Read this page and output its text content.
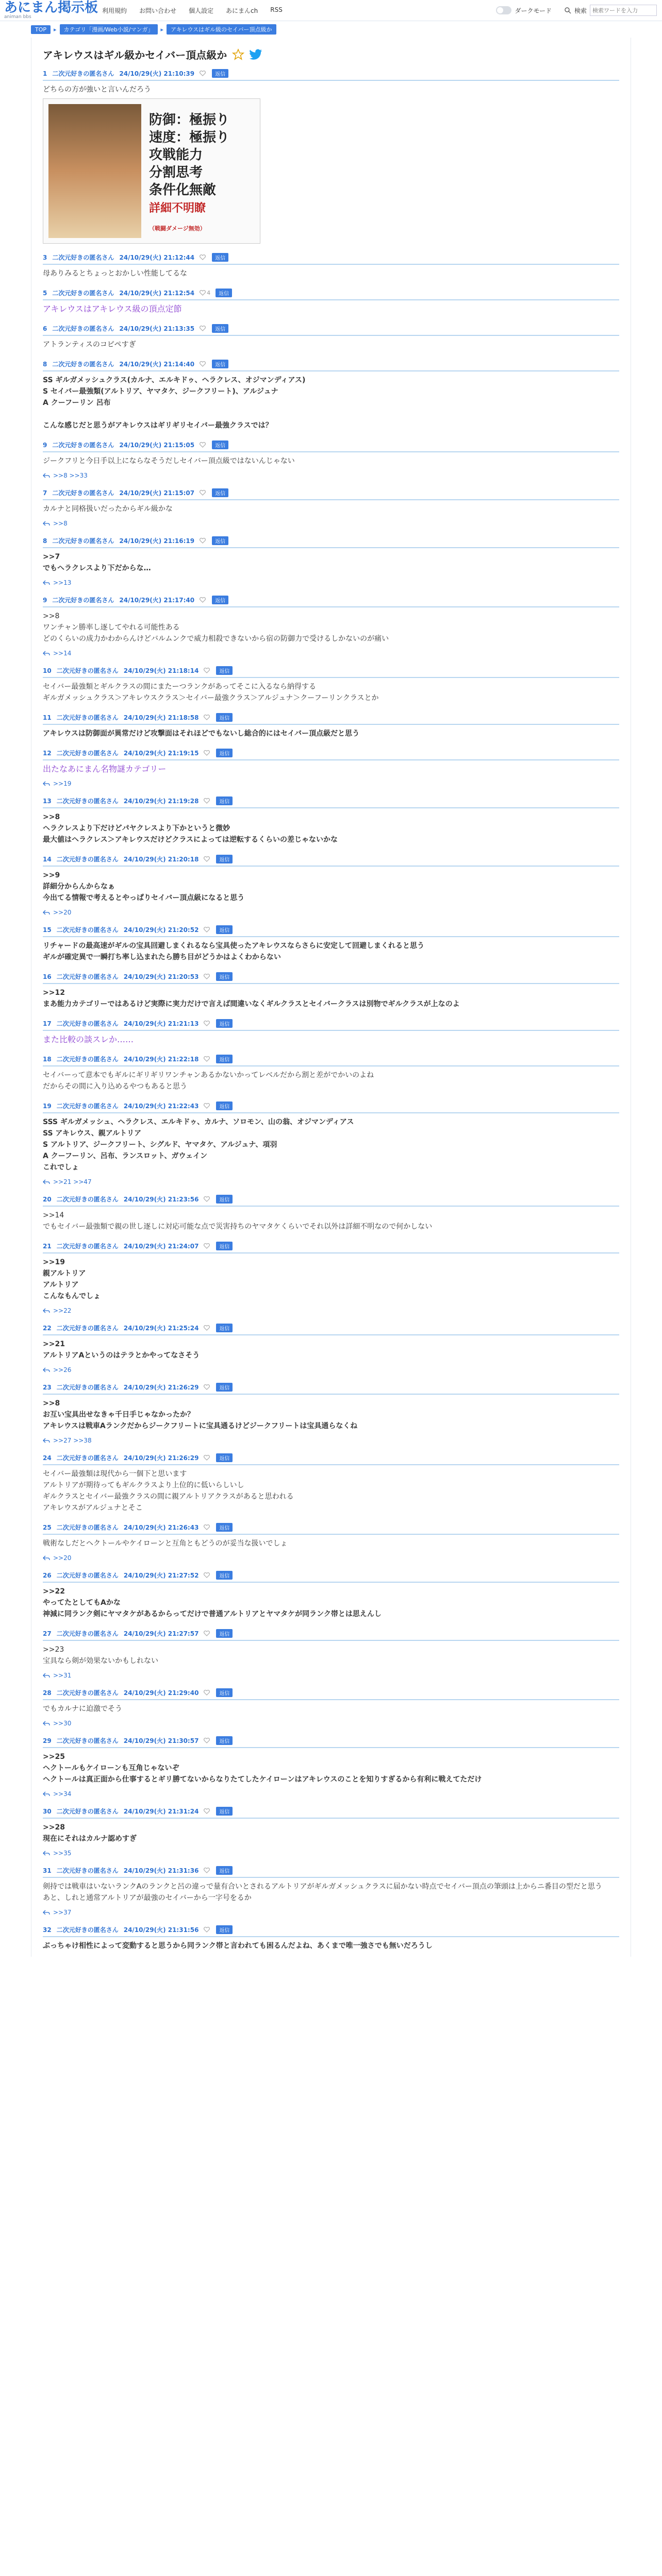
あにまん掲示板
animan bbs
利用規約 お問い合わせ 個人設定 あにまんch RSS	ダークモード	検索
検索ワードを入力
TOP	▸	カテゴリ「漫画/Web小説/マンガ」	▸	アキレウスはギル級のセイバー頂点級か
アキレウスはギル級かセイバー頂点級か
1 二次元好きの匿名さん 24/10/29(火) 21:10:39	返信
どちらの方が強いと言いんだろう
防御：極振り
速度：極振り
攻戦能力
分割思考
条件化無敵
詳細不明瞭
（戦闘ダメージ無効）
3 二次元好きの匿名さん 24/10/29(火) 21:12:44	返信
母ありみるとちょっとおかしい性能してるな
5 二次元好きの匿名さん 24/10/29(火) 21:12:54 4	返信
アキレウスはアキレウス級の頂点定節
6 二次元好きの匿名さん 24/10/29(火) 21:13:35	返信
アトランティスのコピペすぎ
8 二次元好きの匿名さん 24/10/29(火) 21:14:40	返信
SS ギルガメッシュクラス(カルナ、エルキドゥ、ヘラクレス、オジマンディアス)
S セイバー最強類(アルトリア、ヤマタケ、ジークフリート)、アルジュナ
A クーフーリン 呂布

こんな感じだと思うがアキレウスはギリギリセイバー最強クラスでは？
9 二次元好きの匿名さん 24/10/29(火) 21:15:05	返信
ジークフリと今日手以上にならなそうだしセイバー頂点級ではないんじゃない
>>8 >>33
7 二次元好きの匿名さん 24/10/29(火) 21:15:07	返信
カルナと同格扱いだったからギル級かな
>>8
8 二次元好きの匿名さん 24/10/29(火) 21:16:19	返信
>>7
でもヘラクレスより下だからな…
>>13
9 二次元好きの匿名さん 24/10/29(火) 21:17:40	返信
>>8
ワンチャン勝率し逐してやれる可能性ある
どのくらいの成力かわからんけどバルムンクで威力相殺できないから宿の防御力で受けるしかないのが痛い
>>14
10 二次元好きの匿名さん 24/10/29(火) 21:18:14	返信
セイバー最強類とギルクラスの間にまたーつランクがあってそこに入るなら納得する
ギルガメッシュクラス＞アキレウスクラス＞セイバー最強クラス＞アルジュナ＞クーフーリンクラスとか
11 二次元好きの匿名さん 24/10/29(火) 21:18:58	返信
アキレウスは防御面が異常だけど攻撃面はそれほどでもないし総合的にはセイバー頂点級だと思う
12 二次元好きの匿名さん 24/10/29(火) 21:19:15	返信
出たなあにまん名物謎カテゴリー
>>19
13 二次元好きの匿名さん 24/10/29(火) 21:19:28	返信
>>8
ヘラクレスより下だけどパヤクレスより下かというと微妙
最大値はヘラクレス＞アキレウスだけどクラスによっては逆転するくらいの差じゃないかな
14 二次元好きの匿名さん 24/10/29(火) 21:20:18	返信
>>9
詳細分からんからなぁ
今出てる情報で考えるとやっぱりセイバー頂点級になると思う
>>20
15 二次元好きの匿名さん 24/10/29(火) 21:20:52	返信
リチャードの最高速がギルの宝具回避しまくれるなら宝具使ったアキレウスならさらに安定して回避しまくれると思う
ギルが確定異で一瞬打ち率し込まれたら勝ち目がどうかはよくわからない
16 二次元好きの匿名さん 24/10/29(火) 21:20:53	返信
>>12
まあ能力カテゴリーではあるけど実際に実力だけで言えば間違いなくギルクラスとセイバークラスは別物でギルクラスが上なのよ
17 二次元好きの匿名さん 24/10/29(火) 21:21:13	返信
また比較の談スレか……
18 二次元好きの匿名さん 24/10/29(火) 21:22:18	返信
セイバーって意本でもギルにギリギリワンチャンあるかないかってレベルだから割と差がでかいのよね
だからその間に入り込めるやつもあると思う
19 二次元好きの匿名さん 24/10/29(火) 21:22:43	返信
SSS ギルガメッシュ、ヘラクレス、エルキドゥ、カルナ、ソロモン、山の翁、オジマンディアス
SS アキレウス、親アルトリア
S アルトリア、ジークフリート、シグルド、ヤマタケ、アルジュナ、項羽
A クーフーリン、呂布、ランスロット、ガウェイン
これでしょ
>>21 >>47
20 二次元好きの匿名さん 24/10/29(火) 21:23:56	返信
>>14
でもセイバー最強類で親の世し逐しに対応可能な点で災害持ちのヤマタケくらいでそれ以外は詳細不明なので何かしない
21 二次元好きの匿名さん 24/10/29(火) 21:24:07	返信
>>19
親アルトリア
アルトリア
こんなもんでしょ
>>22
22 二次元好きの匿名さん 24/10/29(火) 21:25:24	返信
>>21
アルトリアAというのはテラとかやってなさそう
>>26
23 二次元好きの匿名さん 24/10/29(火) 21:26:29	返信
>>8
お互い宝具出せなきゃ千日手じゃなかったか？
アキレウスは戦車Aランクだからジークフリートに宝具通るけどジークフリートは宝具通らなくね
>>27 >>38
24 二次元好きの匿名さん 24/10/29(火) 21:26:29	返信
セイバー最強類は現代から一個下と思います
アルトリアが期待ってもギルクラスより上位的に低いらしいし
ギルクラスとセイバー最強クラスの間に親アルトリアクラスがあると思われる
アキレウスがアルジュナとそこ
25 二次元好きの匿名さん 24/10/29(火) 21:26:43	返信
戦術なしだとヘクトールやケイローンと互角ともどうのが妥当な扱いでしょ
>>20
26 二次元好きの匿名さん 24/10/29(火) 21:27:52	返信
>>22
やってたとしてもAかな
神減に同ランク剣にヤマタケがあるからってだけで普通アルトリアとヤマタケが同ランク帯とは思えんし
27 二次元好きの匿名さん 24/10/29(火) 21:27:57	返信
>>23
宝具なら剣が効果ないかもしれない
>>31
28 二次元好きの匿名さん 24/10/29(火) 21:29:40	返信
でもカルナに迫激でそう
>>30
29 二次元好きの匿名さん 24/10/29(火) 21:30:57	返信
>>25
ヘクトールもケイローンも互角じゃないぞ
ヘクトールは真正面から仕事するとギリ勝てないからなりたてしたケイローンはアキレウスのことを知りすぎるから有利に戦えてただけ
>>34
30 二次元好きの匿名さん 24/10/29(火) 21:31:24	返信
>>28
現在にそれはカルナ認めすぎ
>>35
31 二次元好きの匿名さん 24/10/29(火) 21:31:36	返信
剣持では戦車はいないランクAのランクと呂の違っで量有合いとされるアルトリアがギルガメッシュクラスに届かない時点でセイバー頂点の筆頭は上からニ番目の型だと思う
あと、しれと通常アルトリアが最強のセイバーから一字号をるか
>>37
32 二次元好きの匿名さん 24/10/29(火) 21:31:56	返信
ぶっちゃけ相性によって変動すると思うから同ランク帯と言われても困るんだよね、あくまで唯一強さでも無いだろうし
